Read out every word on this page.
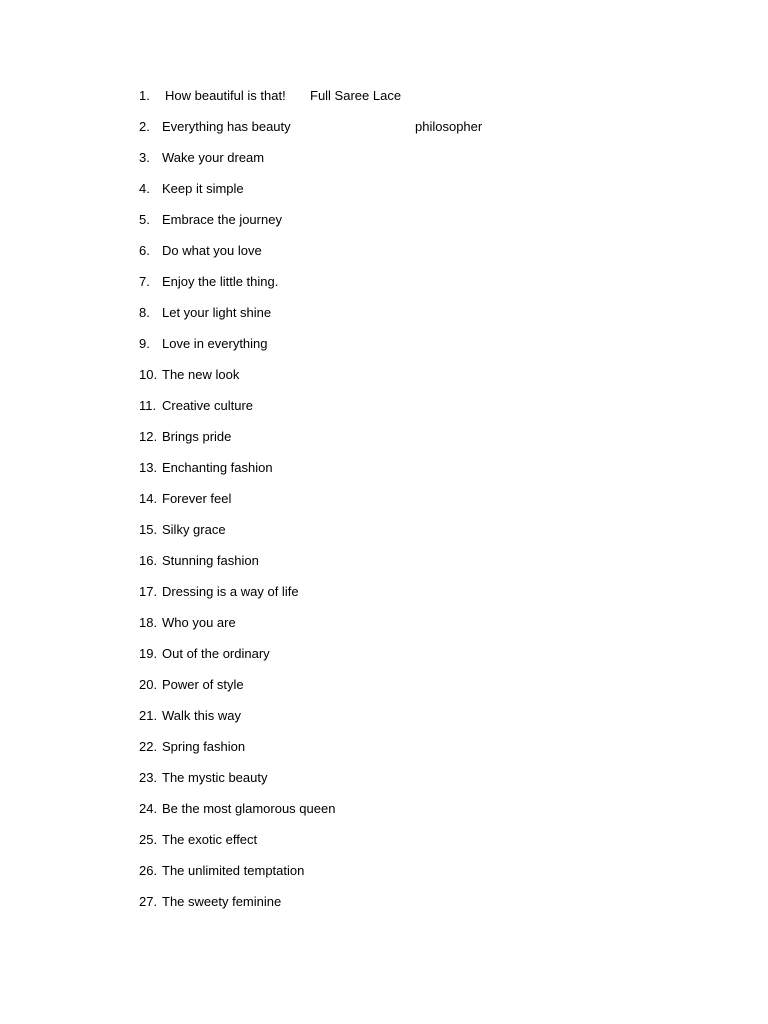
1. How beautiful is that! Full Saree Lace
2. Everything has beauty	philosopher
3. Wake your dream
4. Keep it simple
5. Embrace the journey
6. Do what you love
7. Enjoy the little thing.
8. Let your light shine
9. Love in everything
10. The new look
11. Creative culture
12. Brings pride
13. Enchanting fashion
14. Forever feel
15. Silky grace
16. Stunning fashion
17. Dressing is a way of life
18. Who you are
19. Out of the ordinary
20. Power of style
21. Walk this way
22. Spring fashion
23. The mystic beauty
24. Be the most glamorous queen
25. The exotic effect
26. The unlimited temptation
27. The sweety feminine
